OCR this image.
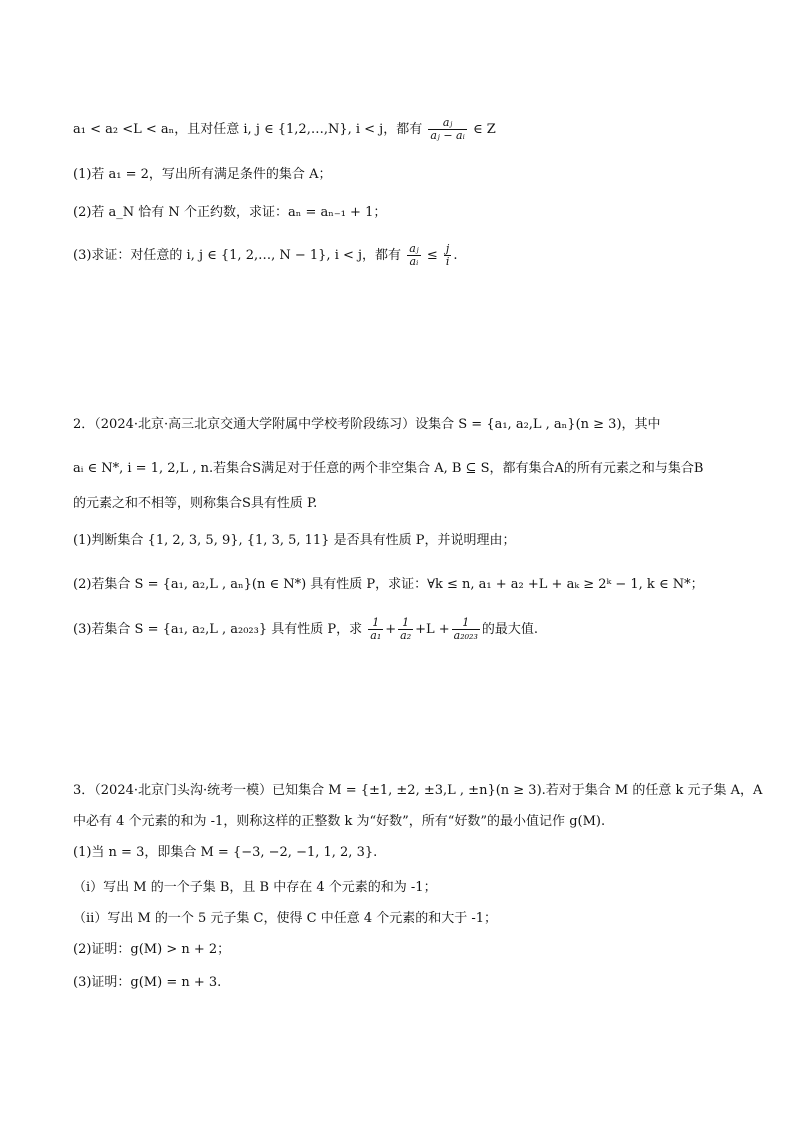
a₁ < a₂ <L < aₙ，且对任意 i, j ∈ {1,2,…,N}, i < j，都有 $\frac{\text{aⱼ}}{\text{aⱼ − aᵢ}}$ ∈ Z
(1)若 a₁ = 2，写出所有满足条件的集合 A；
(2)若 a_N 恰有 N 个正约数，求证：aₙ = aₙ₋₁ + 1；
(3)求证：对任意的 i, j ∈ {1, 2,…, N − 1}, i < j，都有 $\frac{\text{aⱼ}}{\text{aᵢ}} \le \frac{j}{i}$ .
2．（2024·北京·高三北京交通大学附属中学校考阶段练习）设集合 S = {a₁, a₂,L , aₙ}(n ≥ 3)，其中
aᵢ ∈ N*, i = 1, 2,L , n.若集合S满足对于任意的两个非空集合 A, B ⊆ S，都有集合A的所有元素之和与集合B
的元素之和不相等，则称集合S具有性质 P.
(1)判断集合 {1, 2, 3, 5, 9}, {1, 3, 5, 11} 是否具有性质 P，并说明理由；
(2)若集合 S = {a₁, a₂,L , aₙ}(n ∈ N*) 具有性质 P，求证：∀k ≤ n, a₁ + a₂ +L + aₖ ≥ 2ᵏ − 1, k ∈ N*；
(3)若集合 S = {a₁, a₂,L , a₂₀₂₃} 具有性质 P，求 $\frac{1}{\text{a₁}} + \frac{1}{\text{a₂}} +L + \frac{1}{\text{a₂₀₂₃}}$ 的最大值.
3．（2024·北京门头沟·统考一模）已知集合 M = {±1, ±2, ±3,L , ±n}(n ≥ 3).若对于集合 M 的任意 k 元子集 A，A
中必有 4 个元素的和为 -1，则称这样的正整数 k 为“好数”，所有“好数”的最小值记作 g(M).
(1)当 n = 3，即集合 M = {−3, −2, −1, 1, 2, 3}.
（i）写出 M 的一个子集 B，且 B 中存在 4 个元素的和为 -1；
（ii）写出 M 的一个 5 元子集 C，使得 C 中任意 4 个元素的和大于 -1；
(2)证明：g(M) > n + 2；
(3)证明：g(M) = n + 3.
